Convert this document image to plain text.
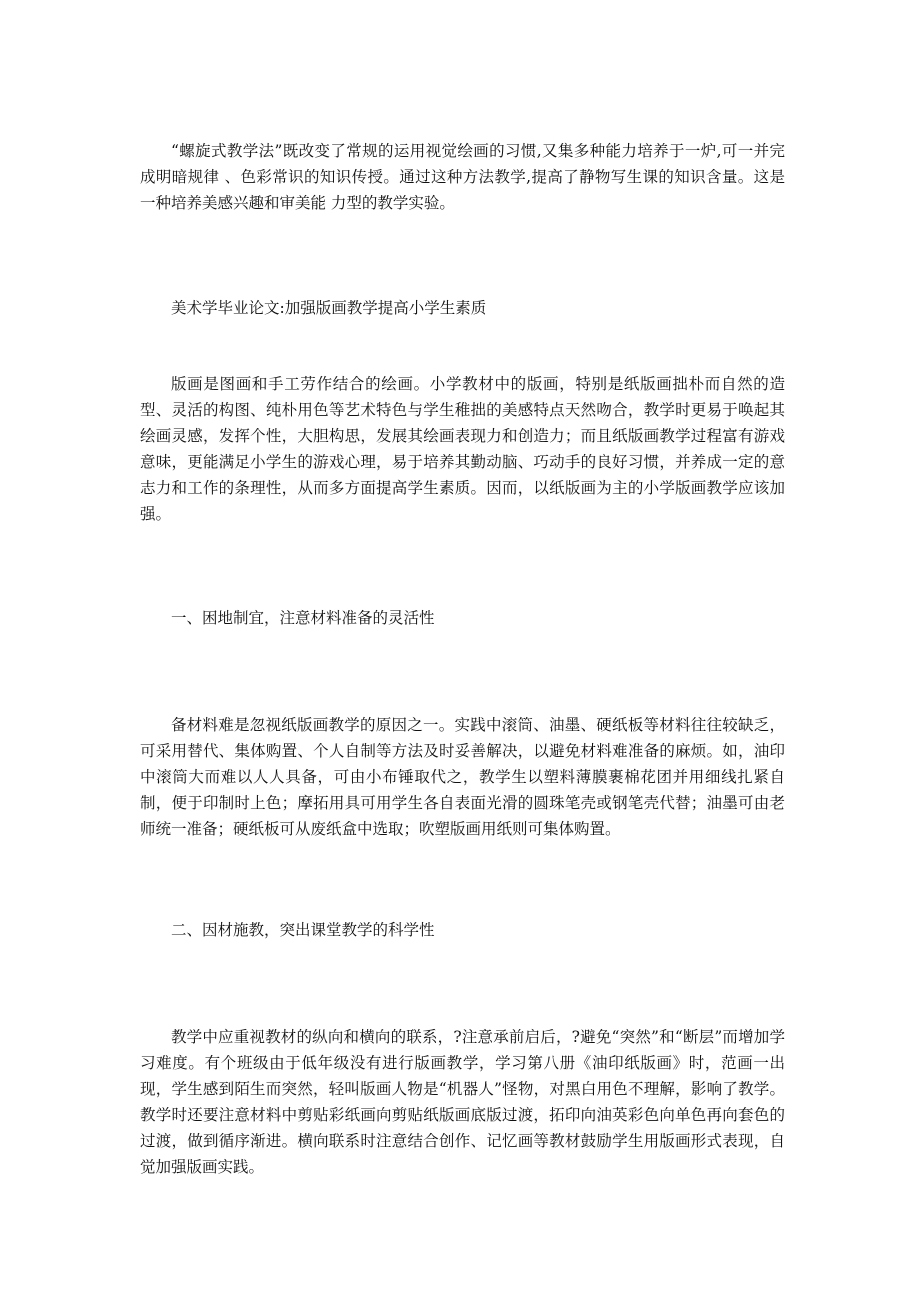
“螺旋式教学法”既改变了常规的运用视觉绘画的习惯,又集多种能力培养于一炉,可一并完成明暗规律 、色彩常识的知识传授。通过这种方法教学,提高了静物写生课的知识含量。这是一种培养美感兴趣和审美能 力型的教学实验。

美术学毕业论文:加强版画教学提高小学生素质

版画是图画和手工劳作结合的绘画。小学教材中的版画，特别是纸版画拙朴而自然的造型、灵活的构图、纯朴用色等艺术特色与学生稚拙的美感特点天然吻合，教学时更易于唤起其绘画灵感，发挥个性，大胆构思，发展其绘画表现力和创造力；而且纸版画教学过程富有游戏意味，更能满足小学生的游戏心理，易于培养其勤动脑、巧动手的良好习惯，并养成一定的意志力和工作的条理性，从而多方面提高学生素质。因而，以纸版画为主的小学版画教学应该加强。

一、困地制宜，注意材料准备的灵活性

备材料难是忽视纸版画教学的原因之一。实践中滚筒、油墨、硬纸板等材料往往较缺乏，可采用替代、集体购置、个人自制等方法及时妥善解决，以避免材料难准备的麻烦。如，油印中滚筒大而难以人人具备，可由小布锤取代之，教学生以塑料薄膜裹棉花团并用细线扎紧自制，便于印制时上色；摩拓用具可用学生各自表面光滑的圆珠笔壳或钢笔壳代替；油墨可由老师统一准备；硬纸板可从废纸盒中选取；吹塑版画用纸则可集体购置。

二、因材施教，突出课堂教学的科学性

教学中应重视教材的纵向和横向的联系，?注意承前启后，?避免“突然”和“断层”而增加学习难度。有个班级由于低年级没有进行版画教学，学习第八册《油印纸版画》时，范画一出现，学生感到陌生而突然，轻叫版画人物是“机器人”怪物，对黑白用色不理解，影响了教学。教学时还要注意材料中剪贴彩纸画向剪贴纸版画底版过渡，拓印向油英彩色向单色再向套色的过渡，做到循序渐进。横向联系时注意结合创作、记忆画等教材鼓励学生用版画形式表现，自觉加强版画实践。
